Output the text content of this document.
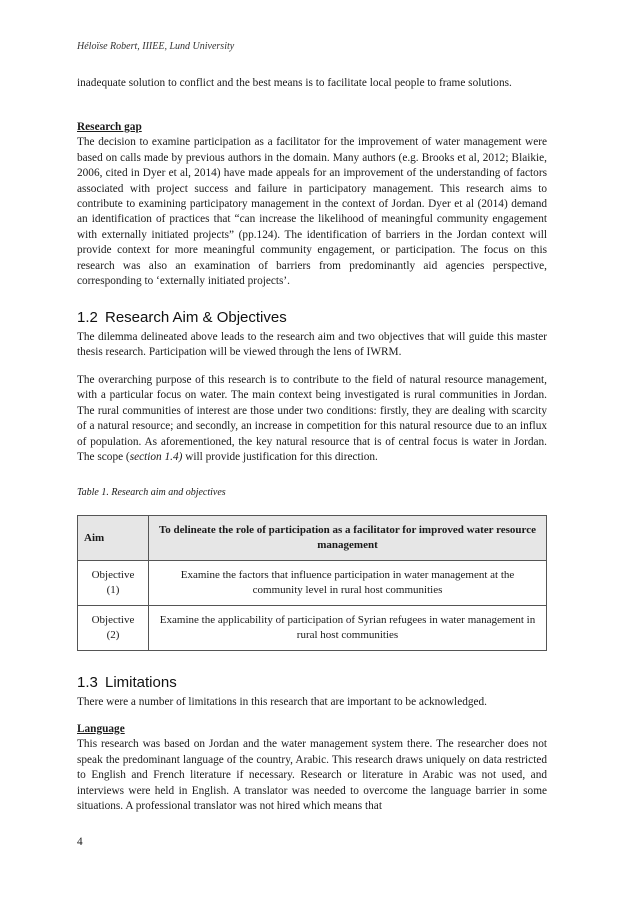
Héloïse Robert, IIIEE, Lund University

inadequate solution to conflict and the best means is to facilitate local people to frame solutions.

Research gap

The decision to examine participation as a facilitator for the improvement of water management were based on calls made by previous authors in the domain. Many authors (e.g. Brooks et al, 2012; Blaikie, 2006, cited in Dyer et al, 2014) have made appeals for an improvement of the understanding of factors associated with project success and failure in participatory management. This research aims to contribute to examining participatory management in the context of Jordan. Dyer et al (2014) demand an identification of practices that “can increase the likelihood of meaningful community engagement with externally initiated projects” (pp.124). The identification of barriers in the Jordan context will provide context for more meaningful community engagement, or participation. The focus on this research was also an examination of barriers from predominantly aid agencies perspective, corresponding to ‘externally initiated projects’.

1.2 Research Aim & Objectives

The dilemma delineated above leads to the research aim and two objectives that will guide this master thesis research. Participation will be viewed through the lens of IWRM.

The overarching purpose of this research is to contribute to the field of natural resource management, with a particular focus on water. The main context being investigated is rural communities in Jordan. The rural communities of interest are those under two conditions: firstly, they are dealing with scarcity of a natural resource; and secondly, an increase in competition for this natural resource due to an influx of population. As aforementioned, the key natural resource that is of central focus is water in Jordan. The scope (section 1.4) will provide justification for this direction.

Table 1. Research aim and objectives
Aim	To delineate the role of participation as a facilitator for improved water resource management
Objective (1)	Examine the factors that influence participation in water management at the community level in rural host communities
Objective (2)	Examine the applicability of participation of Syrian refugees in water management in rural host communities
1.3 Limitations

There were a number of limitations in this research that are important to be acknowledged.

Language

This research was based on Jordan and the water management system there. The researcher does not speak the predominant language of the country, Arabic. This research draws uniquely on data restricted to English and French literature if necessary. Research or literature in Arabic was not used, and interviews were held in English. A translator was needed to overcome the language barrier in some situations. A professional translator was not hired which means that

4
